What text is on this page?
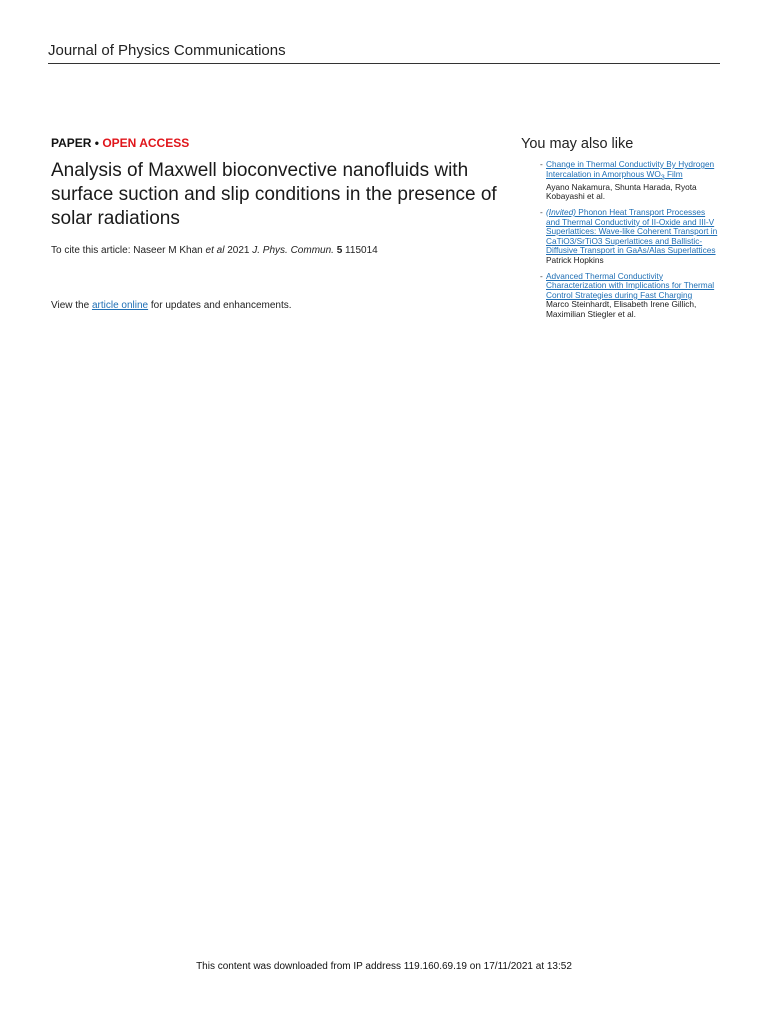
Journal of Physics Communications
PAPER • OPEN ACCESS
Analysis of Maxwell bioconvective nanofluids with surface suction and slip conditions in the presence of solar radiations
To cite this article: Naseer M Khan et al 2021 J. Phys. Commun. 5 115014
View the article online for updates and enhancements.
You may also like
- Change in Thermal Conductivity By Hydrogen Intercalation in Amorphous $WO_3$ Film
Ayano Nakamura, Shunta Harada, Ryota Kobayashi et al.
- (Invited) Phonon Heat Transport Processes and Thermal Conductivity of II-Oxide and III-V Superlattices: Wave-like Coherent Transport in CaTiO3/SrTiO3 Superlattices and Ballistic-Diffusive Transport in GaAs/Alas Superlattices
Patrick Hopkins
- Advanced Thermal Conductivity Characterization with Implications for Thermal Control Strategies during Fast Charging
Marco Steinhardt, Elisabeth Irene Gillich, Maximilian Stiegler et al.
This content was downloaded from IP address 119.160.69.19 on 17/11/2021 at 13:52
